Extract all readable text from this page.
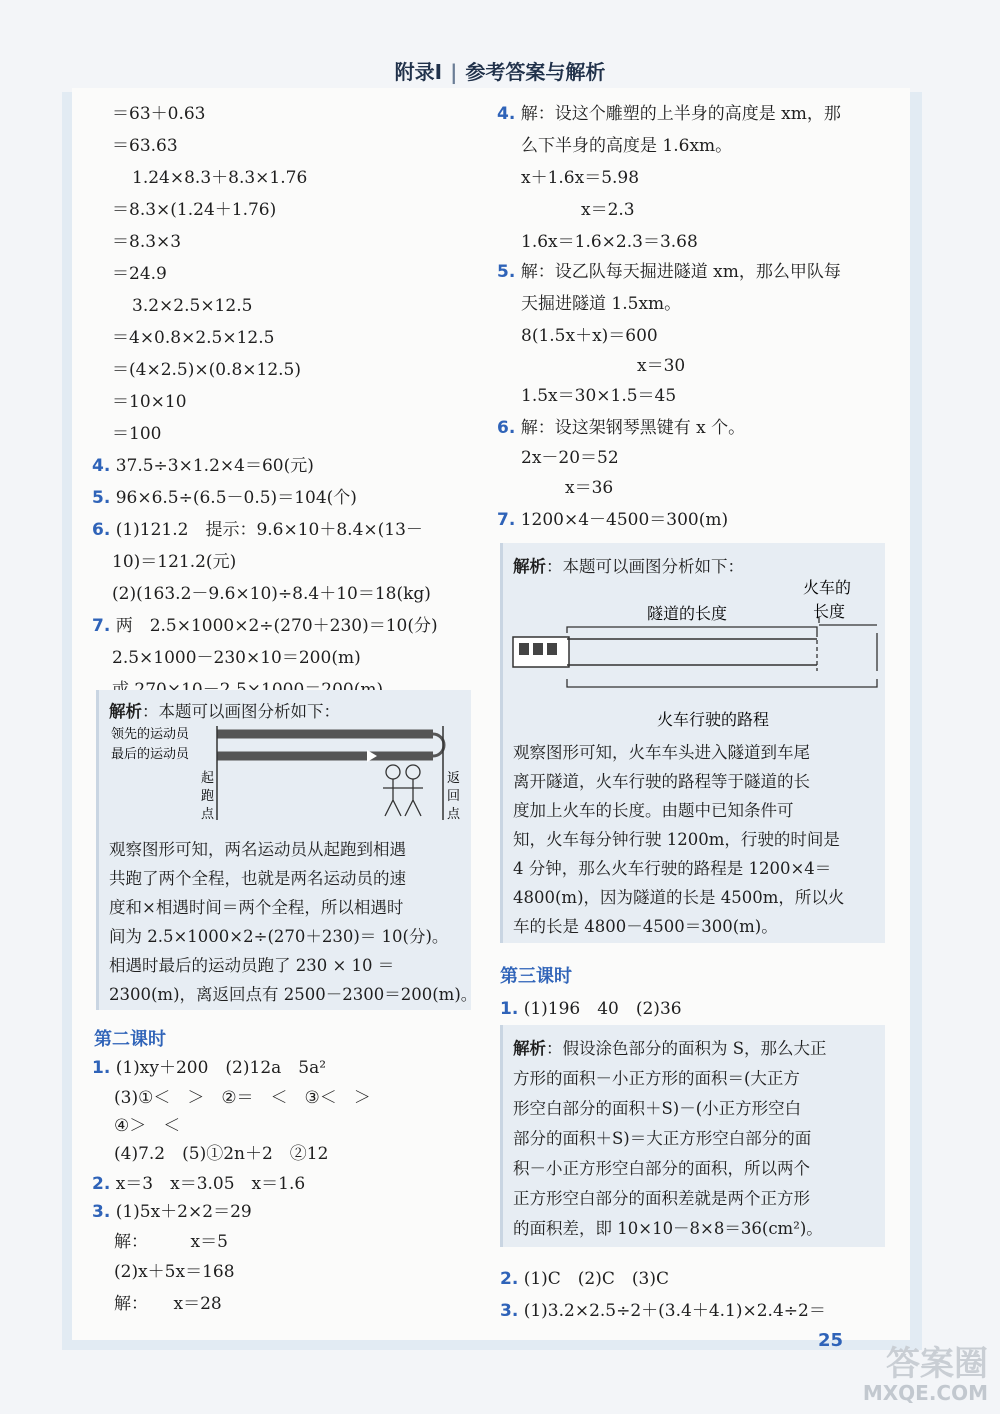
附录Ⅰ | 参考答案与解析
＝63＋0.63
＝63.63
1.24×8.3＋8.3×1.76
＝8.3×(1.24＋1.76)
＝8.3×3
＝24.9
3.2×2.5×12.5
＝4×0.8×2.5×12.5
＝(4×2.5)×(0.8×12.5)
＝10×10
＝100
4. 37.5÷3×1.2×4＝60(元)
5. 96×6.5÷(6.5－0.5)＝104(个)
6. (1)121.2　提示：9.6×10＋8.4×(13－
10)＝121.2(元)
(2)(163.2－9.6×10)÷8.4＋10＝18(kg)
7. 两　2.5×1000×2÷(270＋230)＝10(分)
2.5×1000－230×10＝200(m)
解析：本题可以画图分析如下：
领先的运动员
最后的运动员
起
跑
点
返
回
点
观察图形可知，两名运动员从起跑到相遇
共跑了两个全程，也就是两名运动员的速
度和×相遇时间＝两个全程，所以相遇时
间为 2.5×1000×2÷(270＋230)＝ 10(分)。
相遇时最后的运动员跑了 230 × 10 ＝
2300(m)，离返回点有 2500－2300＝200(m)。
第二课时
1. (1)xy＋200　(2)12a　5a²
(3)①＜　＞　②＝　＜　③＜　＞
④＞　＜
(4)7.2　(5)①2n＋2　②12
2. x＝3　x＝3.05　x＝1.6
3. (1)5x＋2×2＝29
解：　　　x＝5
(2)x＋5x＝168
解：　　x＝28
4. 解：设这个雕塑的上半身的高度是 xm，那
么下半身的高度是 1.6xm。
x＋1.6x＝5.98
x＝2.3
1.6x＝1.6×2.3＝3.68
5. 解：设乙队每天掘进隧道 xm，那么甲队每
天掘进隧道 1.5xm。
8(1.5x＋x)＝600
x＝30
1.5x＝30×1.5＝45
6. 解：设这架钢琴黑键有 x 个。
2x－20＝52
x＝36
7. 1200×4－4500＝300(m)
解析：本题可以画图分析如下：
隧道的长度
火车的
长度
火车行驶的路程
观察图形可知，火车车头进入隧道到车尾
离开隧道，火车行驶的路程等于隧道的长
度加上火车的长度。由题中已知条件可
知，火车每分钟行驶 1200m，行驶的时间是
4 分钟，那么火车行驶的路程是 1200×4＝
4800(m)，因为隧道的长是 4500m，所以火
车的长是 4800－4500＝300(m)。
第三课时
1. (1)196　40　(2)36
解析：假设涂色部分的面积为 S，那么大正
方形的面积－小正方形的面积＝(大正方
形空白部分的面积＋S)－(小正方形空白
部分的面积＋S)＝大正方形空白部分的面
积－小正方形空白部分的面积，所以两个
正方形空白部分的面积差就是两个正方形
的面积差，即 10×10－8×8＝36(cm²)。
2. (1)C　(2)C　(3)C
3. (1)3.2×2.5÷2＋(3.4＋4.1)×2.4÷2＝
25
答案圈
MXQE.COM
